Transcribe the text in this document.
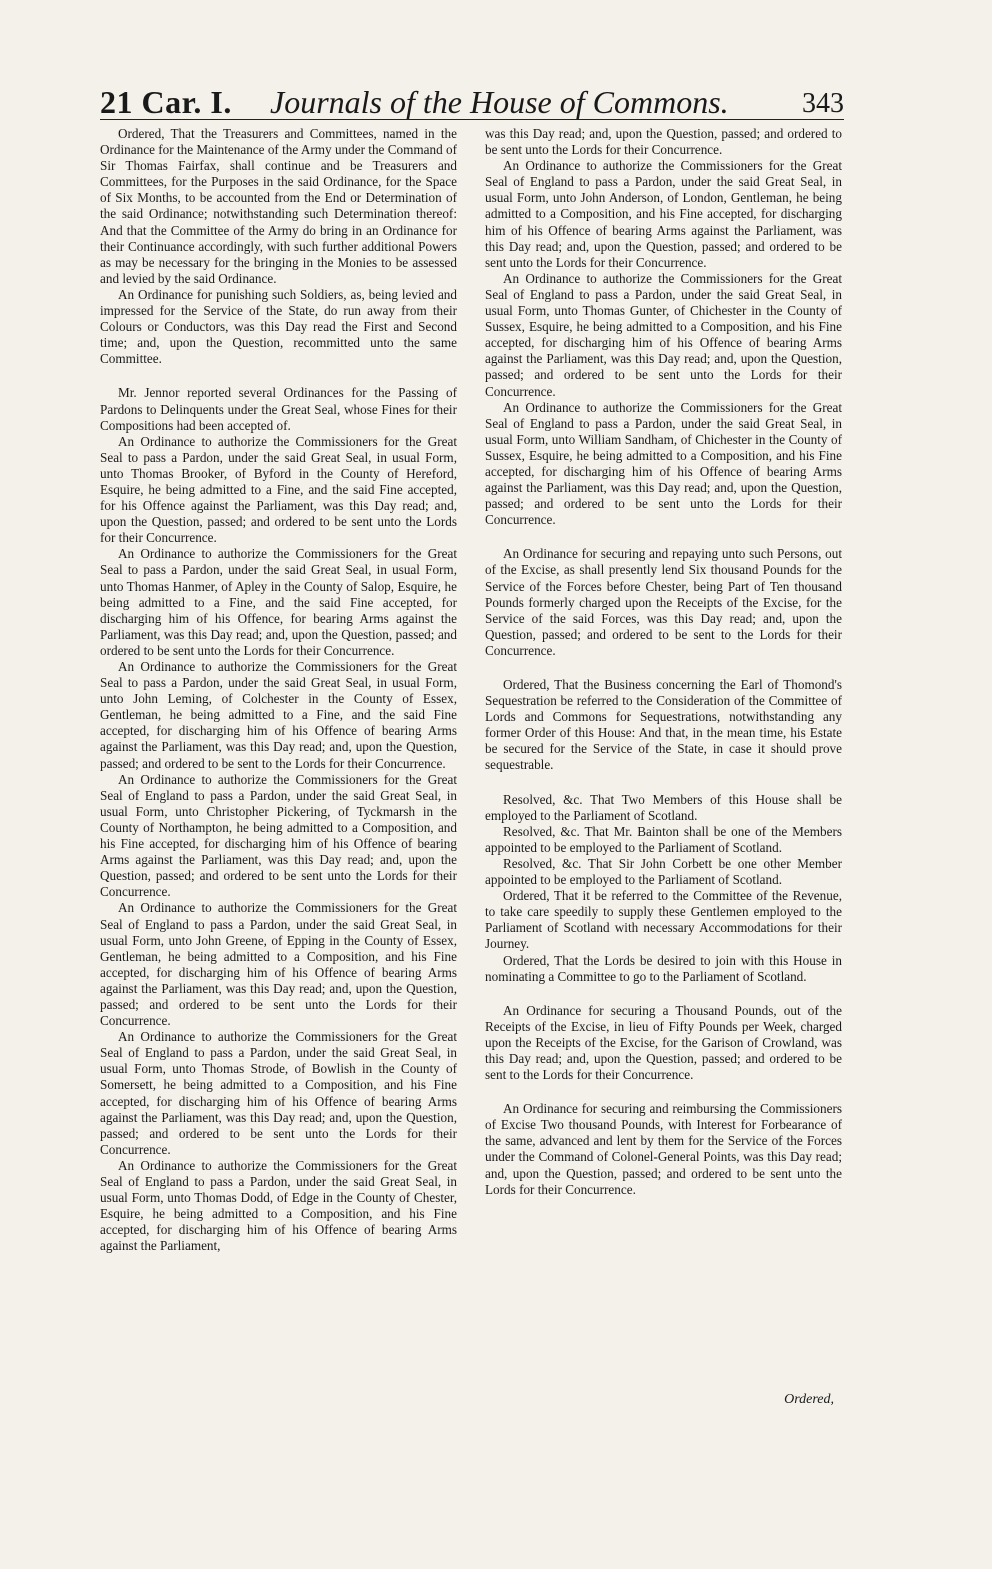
21 Car. I. Journals of the House of Commons.	343

Ordered, That the Treasurers and Committees, named in the Ordinance for the Maintenance of the Army under the Command of Sir Thomas Fairfax, shall continue and be Treasurers and Committees, for the Purposes in the said Ordinance, for the Space of Six Months, to be accounted from the End or Determination of the said Ordinance; notwithstanding such Determination thereof: And that the Committee of the Army do bring in an Ordinance for their Continuance accordingly, with such further additional Powers as may be necessary for the bringing in the Monies to be assessed and levied by the said Ordinance.

An Ordinance for punishing such Soldiers, as, being levied and impressed for the Service of the State, do run away from their Colours or Conductors, was this Day read the First and Second time; and, upon the Question, recommitted unto the same Committee.

Mr. Jennor reported several Ordinances for the Passing of Pardons to Delinquents under the Great Seal, whose Fines for their Compositions had been accepted of.

An Ordinance to authorize the Commissioners for the Great Seal to pass a Pardon, under the said Great Seal, in usual Form, unto Thomas Brooker, of Byford in the County of Hereford, Esquire, he being admitted to a Fine, and the said Fine accepted, for his Offence against the Parliament, was this Day read; and, upon the Question, passed; and ordered to be sent unto the Lords for their Concurrence.

An Ordinance to authorize the Commissioners for the Great Seal to pass a Pardon, under the said Great Seal, in usual Form, unto Thomas Hanmer, of Apley in the County of Salop, Esquire, he being admitted to a Fine, and the said Fine accepted, for discharging him of his Offence, for bearing Arms against the Parliament, was this Day read; and, upon the Question, passed; and ordered to be sent unto the Lords for their Concurrence.

An Ordinance to authorize the Commissioners for the Great Seal to pass a Pardon, under the said Great Seal, in usual Form, unto John Leming, of Colchester in the County of Essex, Gentleman, he being admitted to a Fine, and the said Fine accepted, for discharging him of his Offence of bearing Arms against the Parliament, was this Day read; and, upon the Question, passed; and ordered to be sent to the Lords for their Concurrence.

An Ordinance to authorize the Commissioners for the Great Seal of England to pass a Pardon, under the said Great Seal, in usual Form, unto Christopher Pickering, of Tyckmarsh in the County of Northampton, he being admitted to a Composition, and his Fine accepted, for discharging him of his Offence of bearing Arms against the Parliament, was this Day read; and, upon the Question, passed; and ordered to be sent unto the Lords for their Concurrence.

An Ordinance to authorize the Commissioners for the Great Seal of England to pass a Pardon, under the said Great Seal, in usual Form, unto John Greene, of Epping in the County of Essex, Gentleman, he being admitted to a Composition, and his Fine accepted, for discharging him of his Offence of bearing Arms against the Parliament, was this Day read; and, upon the Question, passed; and ordered to be sent unto the Lords for their Concurrence.

An Ordinance to authorize the Commissioners for the Great Seal of England to pass a Pardon, under the said Great Seal, in usual Form, unto Thomas Strode, of Bowlish in the County of Somersett, he being admitted to a Composition, and his Fine accepted, for discharging him of his Offence of bearing Arms against the Parliament, was this Day read; and, upon the Question, passed; and ordered to be sent unto the Lords for their Concurrence.

An Ordinance to authorize the Commissioners for the Great Seal of England to pass a Pardon, under the said Great Seal, in usual Form, unto Thomas Dodd, of Edge in the County of Chester, Esquire, he being admitted to a Composition, and his Fine accepted, for discharging him of his Offence of bearing Arms against the Parliament,

was this Day read; and, upon the Question, passed; and ordered to be sent unto the Lords for their Concurrence.

An Ordinance to authorize the Commissioners for the Great Seal of England to pass a Pardon, under the said Great Seal, in usual Form, unto John Anderson, of London, Gentleman, he being admitted to a Composition, and his Fine accepted, for discharging him of his Offence of bearing Arms against the Parliament, was this Day read; and, upon the Question, passed; and ordered to be sent unto the Lords for their Concurrence.

An Ordinance to authorize the Commissioners for the Great Seal of England to pass a Pardon, under the said Great Seal, in usual Form, unto Thomas Gunter, of Chichester in the County of Sussex, Esquire, he being admitted to a Composition, and his Fine accepted, for discharging him of his Offence of bearing Arms against the Parliament, was this Day read; and, upon the Question, passed; and ordered to be sent unto the Lords for their Concurrence.

An Ordinance to authorize the Commissioners for the Great Seal of England to pass a Pardon, under the said Great Seal, in usual Form, unto William Sandham, of Chichester in the County of Sussex, Esquire, he being admitted to a Composition, and his Fine accepted, for discharging him of his Offence of bearing Arms against the Parliament, was this Day read; and, upon the Question, passed; and ordered to be sent unto the Lords for their Concurrence.

An Ordinance for securing and repaying unto such Persons, out of the Excise, as shall presently lend Six thousand Pounds for the Service of the Forces before Chester, being Part of Ten thousand Pounds formerly charged upon the Receipts of the Excise, for the Service of the said Forces, was this Day read; and, upon the Question, passed; and ordered to be sent to the Lords for their Concurrence.

Ordered, That the Business concerning the Earl of Thomond's Sequestration be referred to the Consideration of the Committee of Lords and Commons for Sequestrations, notwithstanding any former Order of this House: And that, in the mean time, his Estate be secured for the Service of the State, in case it should prove sequestrable.

Resolved, &c. That Two Members of this House shall be employed to the Parliament of Scotland.

Resolved, &c. That Mr. Bainton shall be one of the Members appointed to be employed to the Parliament of Scotland.

Resolved, &c. That Sir John Corbett be one other Member appointed to be employed to the Parliament of Scotland.

Ordered, That it be referred to the Committee of the Revenue, to take care speedily to supply these Gentlemen employed to the Parliament of Scotland with necessary Accommodations for their Journey.

Ordered, That the Lords be desired to join with this House in nominating a Committee to go to the Parliament of Scotland.

An Ordinance for securing a Thousand Pounds, out of the Receipts of the Excise, in lieu of Fifty Pounds per Week, charged upon the Receipts of the Excise, for the Garison of Crowland, was this Day read; and, upon the Question, passed; and ordered to be sent to the Lords for their Concurrence.

An Ordinance for securing and reimbursing the Commissioners of Excise Two thousand Pounds, with Interest for Forbearance of the same, advanced and lent by them for the Service of the Forces under the Command of Colonel-General Points, was this Day read; and, upon the Question, passed; and ordered to be sent unto the Lords for their Concurrence.

Ordered,
